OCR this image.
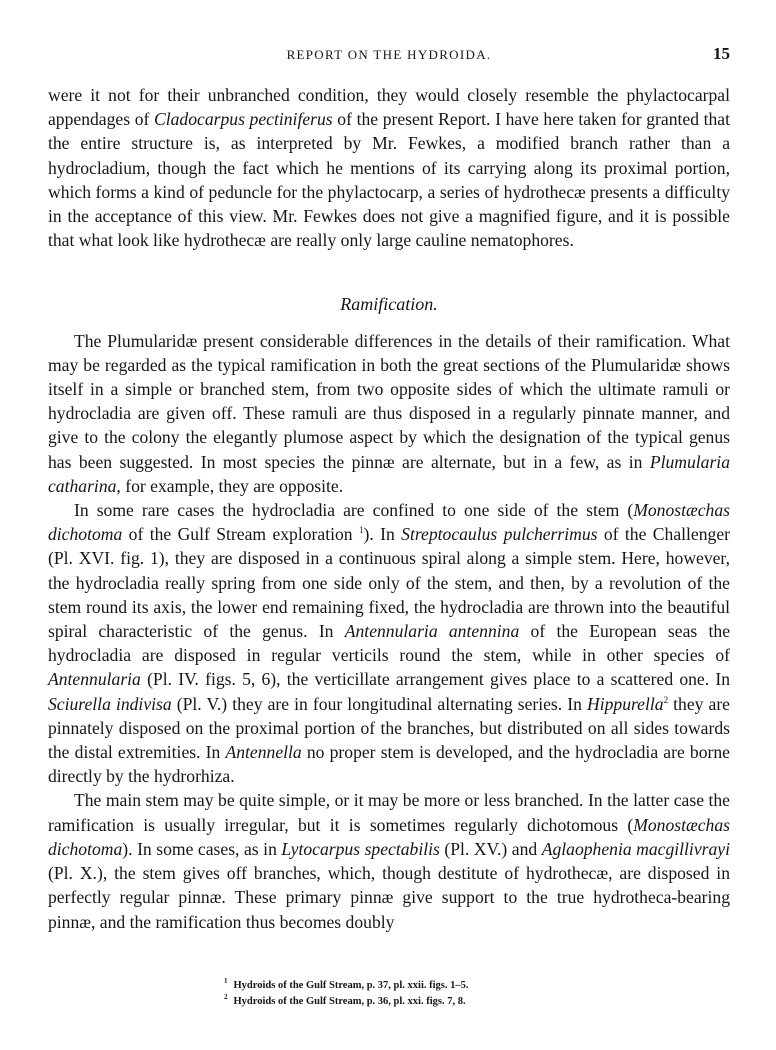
REPORT ON THE HYDROIDA.	15

were it not for their unbranched condition, they would closely resemble the phylactocarpal appendages of Cladocarpus pectiniferus of the present Report. I have here taken for granted that the entire structure is, as interpreted by Mr. Fewkes, a modified branch rather than a hydrocladium, though the fact which he mentions of its carrying along its proximal portion, which forms a kind of peduncle for the phylactocarp, a series of hydrothecæ presents a difficulty in the acceptance of this view. Mr. Fewkes does not give a magnified figure, and it is possible that what look like hydrothecæ are really only large cauline nematophores.

Ramification.

The Plumularidæ present considerable differences in the details of their ramification. What may be regarded as the typical ramification in both the great sections of the Plumularidæ shows itself in a simple or branched stem, from two opposite sides of which the ultimate ramuli or hydrocladia are given off. These ramuli are thus disposed in a regularly pinnate manner, and give to the colony the elegantly plumose aspect by which the designation of the typical genus has been suggested. In most species the pinnæ are alternate, but in a few, as in Plumularia catharina, for example, they are opposite.

In some rare cases the hydrocladia are confined to one side of the stem (Monostæchas dichotoma of the Gulf Stream exploration $^1$). In Streptocaulus pulcherrimus of the Challenger (Pl. XVI. fig. 1), they are disposed in a continuous spiral along a simple stem. Here, however, the hydrocladia really spring from one side only of the stem, and then, by a revolution of the stem round its axis, the lower end remaining fixed, the hydrocladia are thrown into the beautiful spiral characteristic of the genus. In Antennularia antennina of the European seas the hydrocladia are disposed in regular verticils round the stem, while in other species of Antennularia (Pl. IV. figs. 5, 6), the verticillate arrangement gives place to a scattered one. In Sciurella indivisa (Pl. V.) they are in four longitudinal alternating series. In Hippurella$^2$ they are pinnately disposed on the proximal portion of the branches, but distributed on all sides towards the distal extremities. In Antennella no proper stem is developed, and the hydrocladia are borne directly by the hydrorhiza.

The main stem may be quite simple, or it may be more or less branched. In the latter case the ramification is usually irregular, but it is sometimes regularly dichotomous (Monostæchas dichotoma). In some cases, as in Lytocarpus spectabilis (Pl. XV.) and Aglaophenia macgillivrayi (Pl. X.), the stem gives off branches, which, though destitute of hydrothecæ, are disposed in perfectly regular pinnæ. These primary pinnæ give support to the true hydrotheca-bearing pinnæ, and the ramification thus becomes doubly

$^1$ Hydroids of the Gulf Stream, p. 37, pl. xxii. figs. 1–5.
$^2$ Hydroids of the Gulf Stream, p. 36, pl. xxi. figs. 7, 8.
